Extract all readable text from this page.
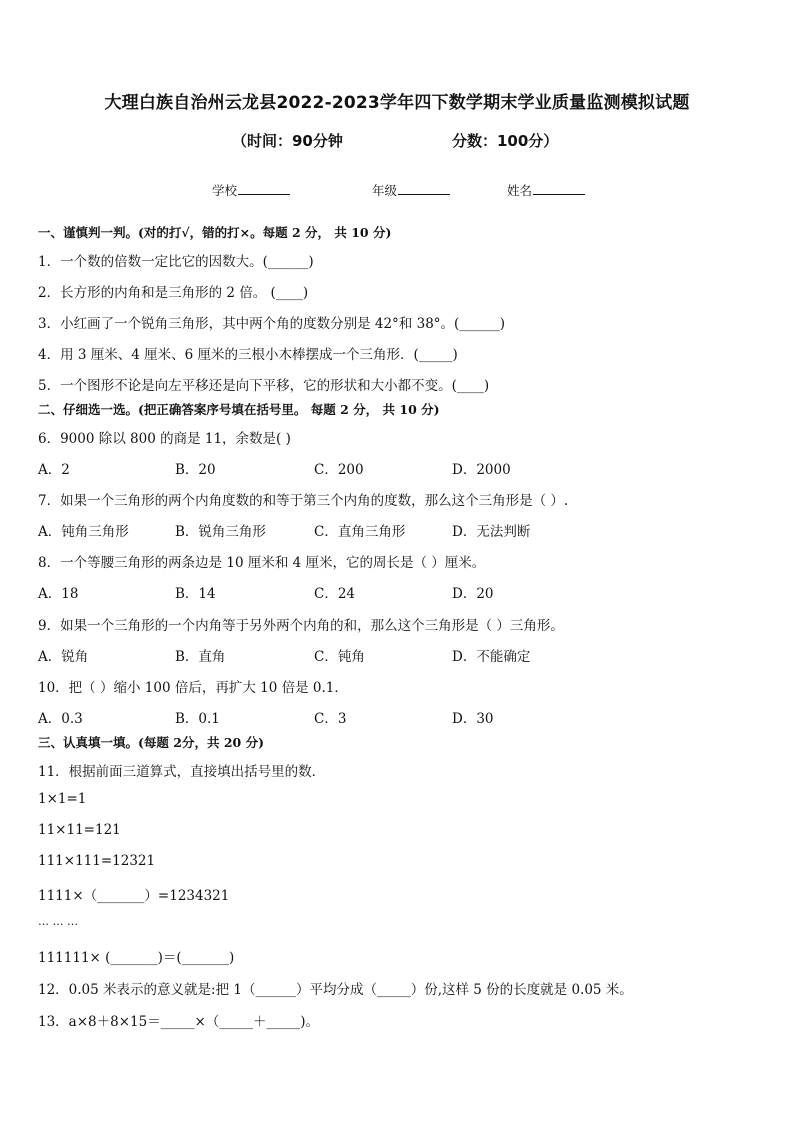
大理白族自治州云龙县2022-2023学年四下数学期末学业质量监测模拟试题
（时间：90分钟	分数：100分）
学校	年级	姓名
一、谨慎判一判。(对的打√，错的打×。每题 2 分， 共 10 分)
1．一个数的倍数一定比它的因数大。(______)
2．长方形的内角和是三角形的 2 倍。 (____)
3．小红画了一个锐角三角形，其中两个角的度数分别是 42°和 38°。(______)
4．用 3 厘米、4 厘米、6 厘米的三根小木棒摆成一个三角形．(_____)
5．一个图形不论是向左平移还是向下平移，它的形状和大小都不变。(____)
二、仔细选一选。(把正确答案序号填在括号里。 每题 2 分， 共 10 分)
6．9000 除以 800 的商是 11，余数是( )
A．2	B．20	C．200	D．2000
7．如果一个三角形的两个内角度数的和等于第三个内角的度数，那么这个三角形是（ ）.
A．钝角三角形	B．锐角三角形	C．直角三角形	D．无法判断
8．一个等腰三角形的两条边是 10 厘米和 4 厘米，它的周长是（ ）厘米。
A．18	B．14	C．24	D．20
9．如果一个三角形的一个内角等于另外两个内角的和，那么这个三角形是（ ）三角形。
A．锐角	B．直角	C．钝角	D．不能确定
10．把（ ）缩小 100 倍后，再扩大 10 倍是 0.1．
A．0.3	B．0.1	C．3	D．30
三、认真填一填。(每题 2分，共 20 分)
11．根据前面三道算式，直接填出括号里的数．
1×1=1
11×11=121
111×111=12321
1111×（_______）=1234321
… … …
111111× (_______)＝(_______)
12．0.05 米表示的意义就是:把 1（______）平均分成（_____）份,这样 5 份的长度就是 0.05 米。
13．a×8＋8×15＝_____×（_____＋_____)。
